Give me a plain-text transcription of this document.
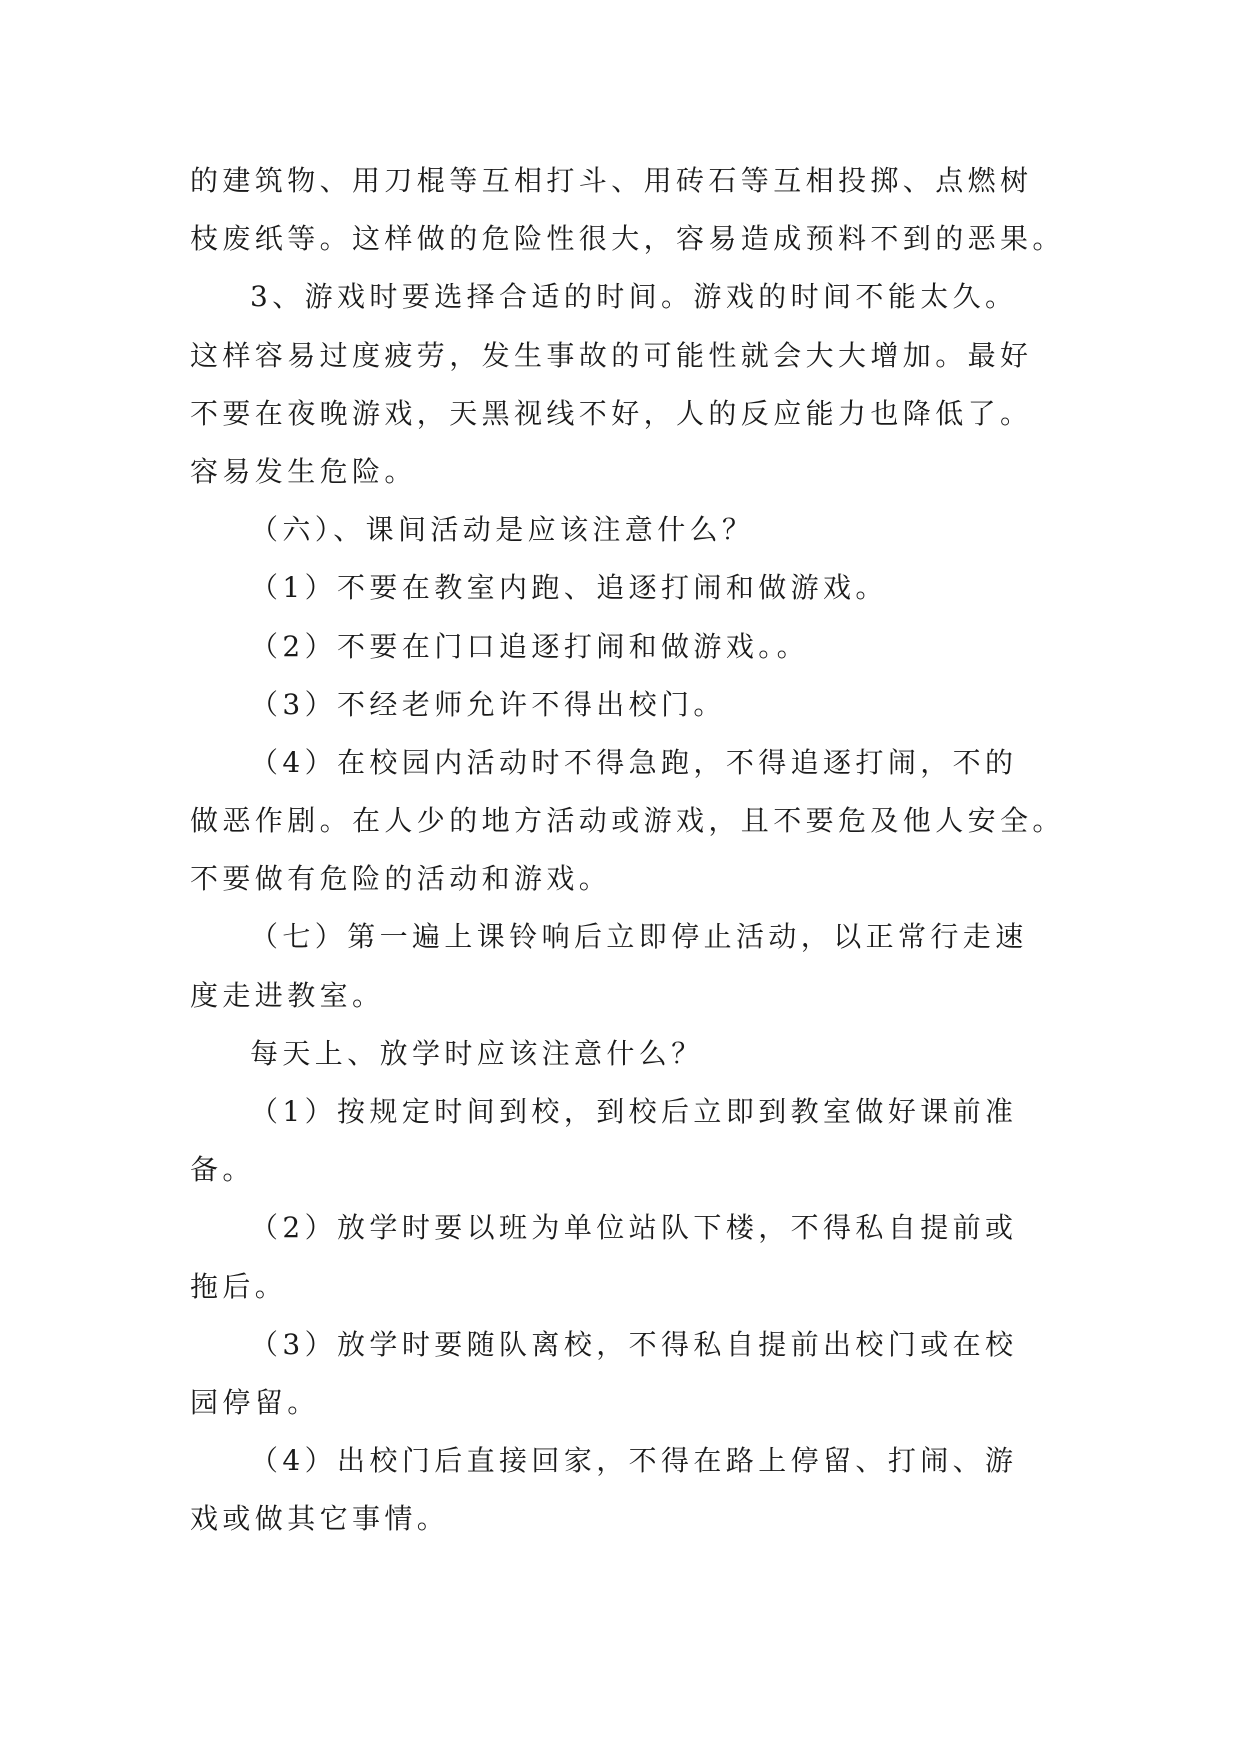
的建筑物、用刀棍等互相打斗、用砖石等互相投掷、点燃树
枝废纸等。这样做的危险性很大，容易造成预料不到的恶果。
3、游戏时要选择合适的时间。游戏的时间不能太久。
这样容易过度疲劳，发生事故的可能性就会大大增加。最好
不要在夜晚游戏，天黑视线不好，人的反应能力也降低了。
容易发生危险。
（六）、课间活动是应该注意什么？
（1）不要在教室内跑、追逐打闹和做游戏。
（2）不要在门口追逐打闹和做游戏。。
（3）不经老师允许不得出校门。
（4）在校园内活动时不得急跑，不得追逐打闹，不的
做恶作剧。在人少的地方活动或游戏，且不要危及他人安全。
不要做有危险的活动和游戏。
（七）第一遍上课铃响后立即停止活动，以正常行走速
度走进教室。
每天上、放学时应该注意什么？
（1）按规定时间到校，到校后立即到教室做好课前准
备。
（2）放学时要以班为单位站队下楼，不得私自提前或
拖后。
（3）放学时要随队离校，不得私自提前出校门或在校
园停留。
（4）出校门后直接回家，不得在路上停留、打闹、游
戏或做其它事情。
